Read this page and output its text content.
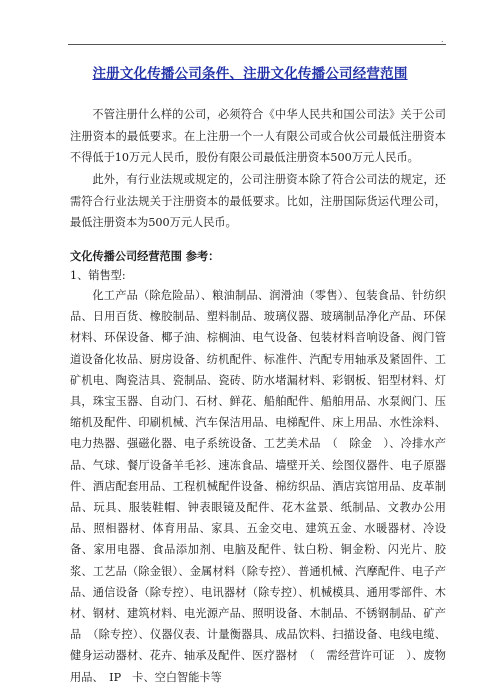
.
注册文化传播公司条件、注册文化传播公司经营范围

不管注册什么样的公司，必须符合《中华人民共和国公司法》关于公司注册资本的最低要求。在上注册一个一人有限公司或合伙公司最低注册资本不得低于10万元人民币，股份有限公司最低注册资本500万元人民币。

此外，有行业法规或规定的，公司注册资本除了符合公司法的规定，还需符合行业法规关于注册资本的最低要求。比如，注册国际货运代理公司，最低注册资本为500万元人民币。

文化传播公司经营范围 参考：
1、销售型:

化工产品（除危险品）、粮油制品、润滑油（零售）、包装食品、针纺织品、日用百货、橡胶制品、塑料制品、玻璃仪器、玻璃制品净化产品、环保材料、环保设备、椰子油、棕榈油、电气设备、包装材料音响设备、阀门管道设备化妆品、厨房设备、纺机配件、标准件、汽配专用轴承及紧固件、工矿机电、陶瓷洁具、瓷制品、瓷砖、防水堵漏材料、彩钢板、铝型材料、灯具，珠宝玉器、自动门、石材、鲜花、船舶配件、船舶用品、水泵阀门、压缩机及配件、印刷机械、汽车保洁用品、电梯配件、床上用品、水性涂料、电力热器、强磁化器、电子系统设备、工艺美术品　（　除金　）、冷排水产品、气球、餐厅设备羊毛衫、速冻食品、墙壁开关、绘图仪器件、电子原器件、酒店配套用品、工程机械配件设备、棉纺织品、酒店宾馆用品、皮革制品、玩具、服装鞋帽、钟表眼镜及配件、花木盆景、纸制品、文教办公用品、照相器材、体育用品、家具、五金交电、建筑五金、水暖器材、冷设备、家用电器、食品添加剂、电脑及配件、钛白粉、铜金粉、闪光片、胶浆、工艺品（除金银）、金属材料（除专控）、普通机械、汽摩配件、电子产品、通信设备（除专控）、电讯器材（除专控）、机械模具、通用零部件、木材、钢材、建筑材料、电光源产品、照明设备、木制品、不锈钢制品、矿产品　（除专控）、仪器仪表、计量衡器具、成品饮料、扫描设备、电线电缆、健身运动器材、花卉、轴承及配件、医疗器材　（　需经营许可证　）、废物用品、　IP　卡、空白智能卡等
